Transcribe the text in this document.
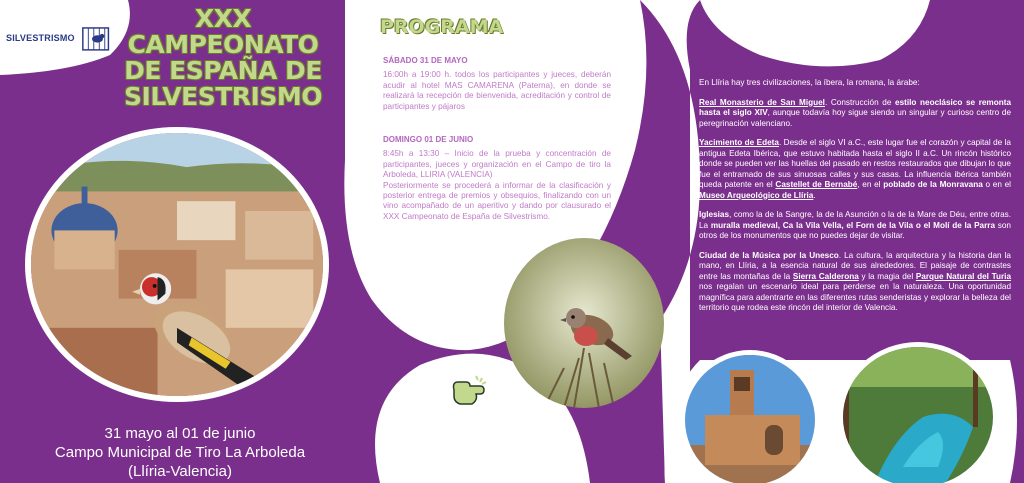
SILVESTRISMO
XXX
CAMPEONATO
DE ESPAÑA DE
SILVESTRISMO
31 mayo al 01 de junio
Campo Municipal de Tiro La Arboleda
(Llíria-Valencia)
PROGRAMA
SÁBADO 31 DE MAYO

16:00h a 19:00 h. todos los participantes y jueces, deberán acudir al hotel MAS CAMARENA (Paterna), en donde se realizará la recepción de bienvenida, acreditación y control de participantes y pájaros

DOMINGO 01 DE JUNIO

8:45h a 13:30 – Inicio de la prueba y concentración de participantes, jueces y organización en el Campo de tiro la Arboleda, LLIRIA (VALENCIA)

Posteriormente se procederá a informar de la clasificación y posterior entrega de premios y obsequios, finalizando con un vino acompañado de un aperitivo y dando por clausurado el XXX Campeonato de España de Silvestrismo.

MÁS INFO
¿QUÉ VER?

En Llíria hay tres civilizaciones, la íbera, la romana, la árabe:

Real Monasterio de San Miguel. Construcción de estilo neoclásico se remonta hasta el siglo XIV, aunque todavía hoy sigue siendo un singular y curioso centro de peregrinación valenciano.

Yacimiento de Edeta. Desde el siglo VI a.C., este lugar fue el corazón y capital de la antigua Edeta Ibérica, que estuvo habitada hasta el siglo II a.C. Un rincón histórico donde se pueden ver las huellas del pasado en restos restaurados que dibujan lo que fue el entramado de sus sinuosas calles y sus casas. La influencia ibérica también queda patente en el Castellet de Bernabé, en el poblado de la Monravana o en el Museo Arqueológico de Llíria.

Iglesias, como la de la Sangre, la de la Asunción o la de la Mare de Déu, entre otras. La muralla medieval, Ca la Vila Vella, el Forn de la Vila o el Molí de la Parra son otros de los monumentos que no puedes dejar de visitar.

Ciudad de la Música por la Unesco. La cultura, la arquitectura y la historia dan la mano, en Llíria, a la esencia natural de sus alrededores. El paisaje de contrastes entre las montañas de la Sierra Calderona y la magia del Parque Natural del Turia nos regalan un escenario ideal para perderse en la naturaleza. Una oportunidad magnífica para adentrarte en las diferentes rutas senderistas y explorar la belleza del territorio que rodea este rincón del interior de Valencia.
